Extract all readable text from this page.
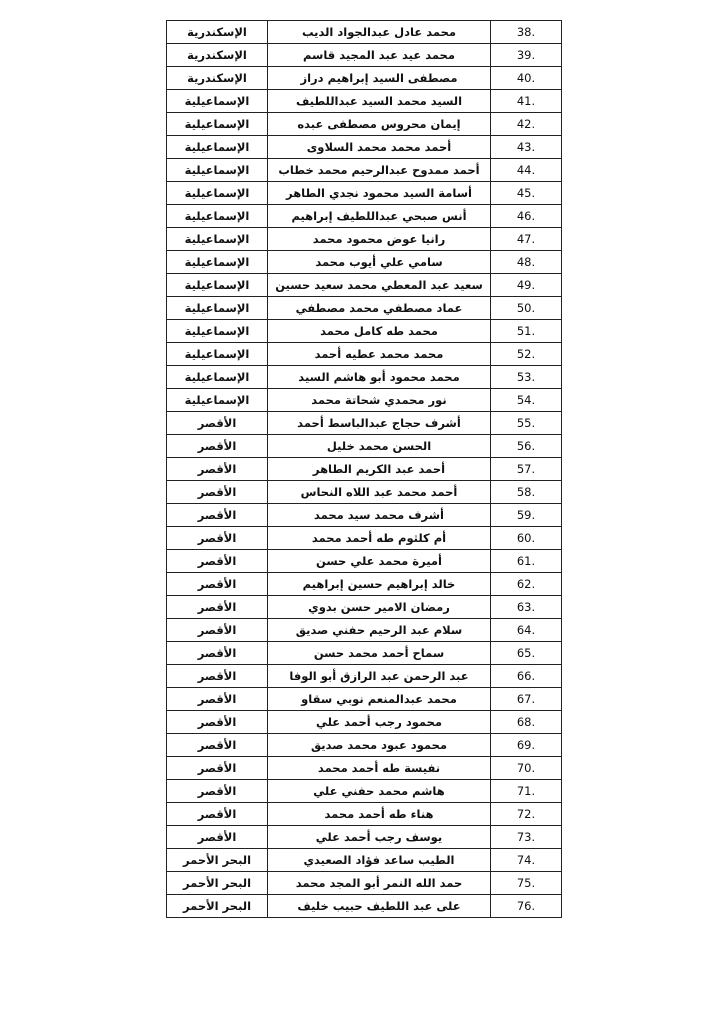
الإسكندرية	محمد عادل عبدالجواد الديب	38.
الإسكندرية	محمد عيد عبد المجيد قاسم	39.
الإسكندرية	مصطفى السيد إبراهيم دراز	40.
الإسماعيلية	السيد محمد السيد عبداللطيف	41.
الإسماعيلية	إيمان محروس مصطفى عبده	42.
الإسماعيلية	أحمد محمد محمد السلاوى	43.
الإسماعيلية	أحمد ممدوح عبدالرحيم محمد خطاب	44.
الإسماعيلية	أسامة السيد محمود نجدي الطاهر	45.
الإسماعيلية	أنس صبحي عبداللطيف إبراهيم	46.
الإسماعيلية	رانيا عوض محمود محمد	47.
الإسماعيلية	سامي علي أيوب محمد	48.
الإسماعيلية	سعيد عبد المعطي محمد سعيد حسين	49.
الإسماعيلية	عماد مصطفي محمد مصطفي	50.
الإسماعيلية	محمد طه كامل محمد	51.
الإسماعيلية	محمد محمد عطيه أحمد	52.
الإسماعيلية	محمد محمود أبو هاشم السيد	53.
الإسماعيلية	نور محمدي شحاتة محمد	54.
الأقصر	أشرف حجاج عبدالباسط أحمد	55.
الأقصر	الحسن محمد خليل	56.
الأقصر	أحمد عبد الكريم الطاهر	57.
الأقصر	أحمد محمد عبد اللاه النحاس	58.
الأقصر	أشرف محمد سيد محمد	59.
الأقصر	أم كلثوم طه أحمد محمد	60.
الأقصر	أميرة محمد علي حسن	61.
الأقصر	خالد إبراهيم حسين إبراهيم	62.
الأقصر	رمضان الامير حسن بدوي	63.
الأقصر	سلام عبد الرحيم حفني صديق	64.
الأقصر	سماح أحمد محمد حسن	65.
الأقصر	عبد الرحمن عبد الرازق أبو الوفا	66.
الأقصر	محمد عبدالمنعم نوبي سقاو	67.
الأقصر	محمود رجب أحمد علي	68.
الأقصر	محمود عبود محمد صديق	69.
الأقصر	نفيسة طه أحمد محمد	70.
الأقصر	هاشم محمد حفني علي	71.
الأقصر	هناء طه أحمد محمد	72.
الأقصر	يوسف رجب أحمد علي	73.
البحر الأحمر	الطيب ساعد فؤاد الصعيدي	74.
البحر الأحمر	حمد الله النمر أبو المجد محمد	75.
البحر الأحمر	على عبد اللطيف حبيب خليف	76.
